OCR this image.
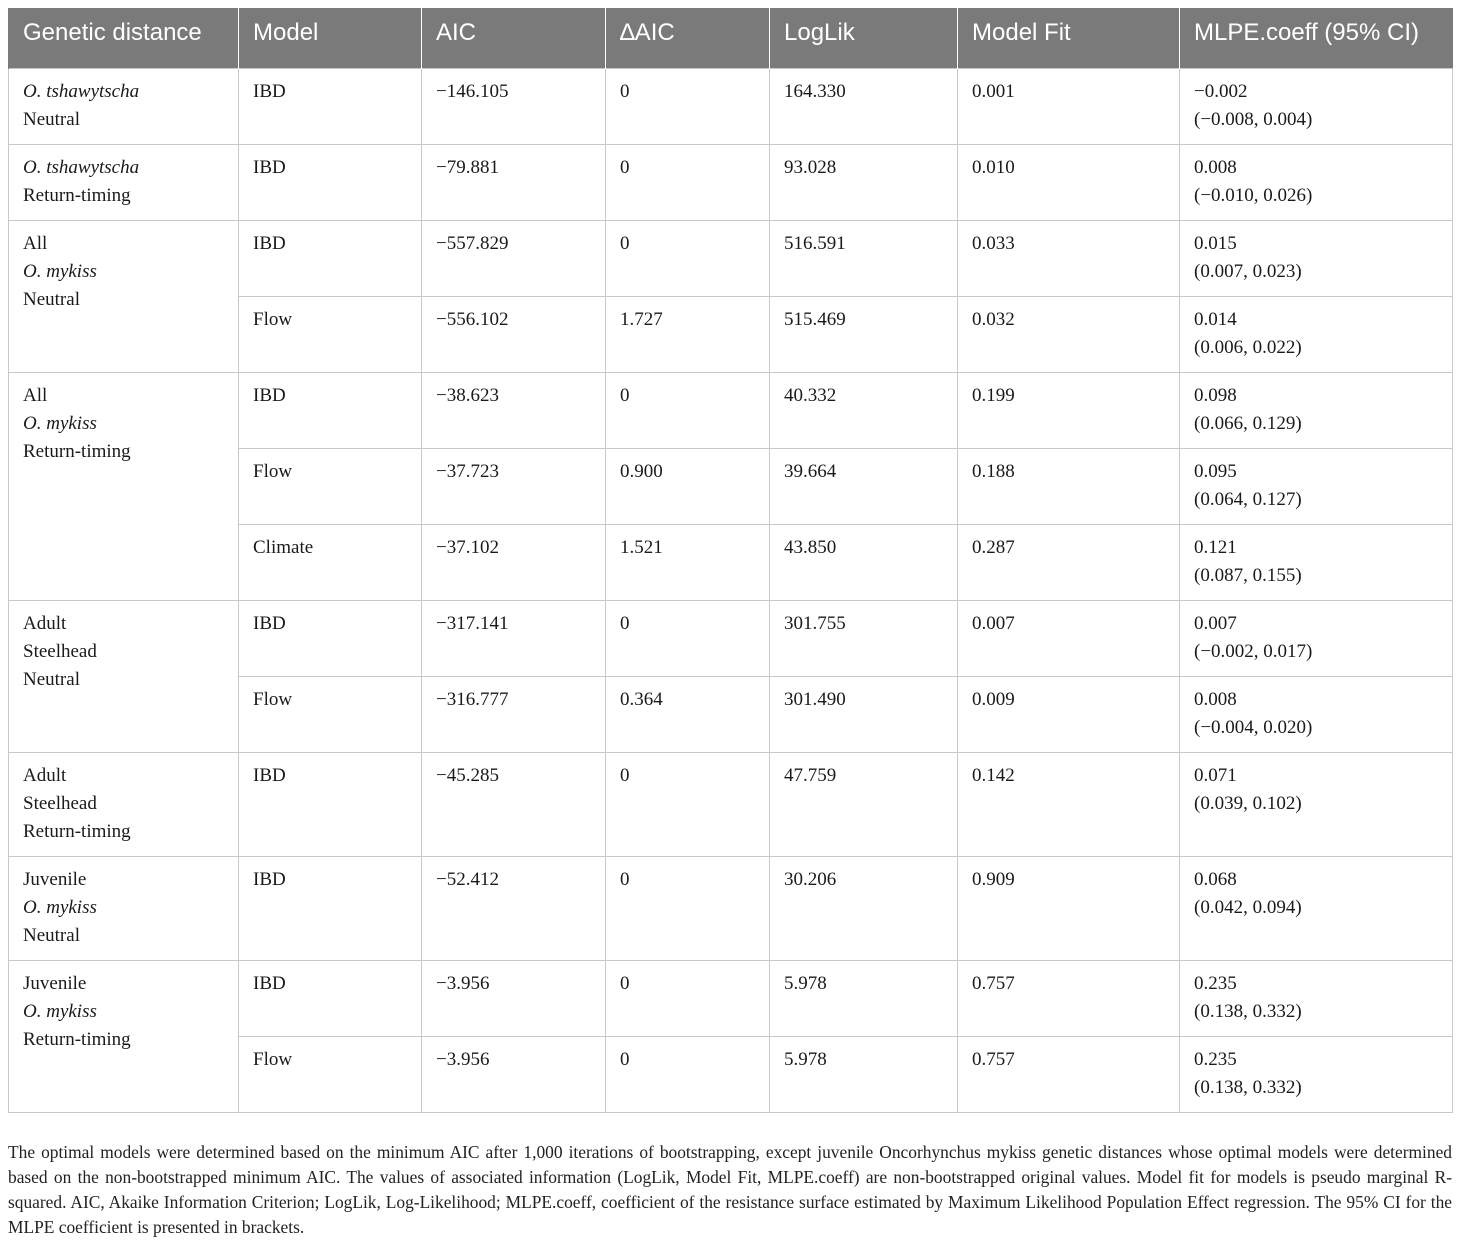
Genetic distance	Model	AIC	∆AIC	LogLik	Model Fit	MLPE.coeff (95% CI)

O. tshawytscha
Neutral	IBD	−146.105	0	164.330	0.001	−0.002
(−0.008, 0.004)

O. tshawytscha
Return-timing	IBD	−79.881	0	93.028	0.010	0.008
(−0.010, 0.026)

All
O. mykiss
Neutral	IBD	−557.829	0	516.591	0.033	0.015
(0.007, 0.023)

	Flow	−556.102	1.727	515.469	0.032	0.014
(0.006, 0.022)

All
O. mykiss
Return-timing	IBD	−38.623	0	40.332	0.199	0.098
(0.066, 0.129)

	Flow	−37.723	0.900	39.664	0.188	0.095
(0.064, 0.127)

	Climate	−37.102	1.521	43.850	0.287	0.121
(0.087, 0.155)

Adult
Steelhead
Neutral	IBD	−317.141	0	301.755	0.007	0.007
(−0.002, 0.017)

	Flow	−316.777	0.364	301.490	0.009	0.008
(−0.004, 0.020)

Adult
Steelhead
Return-timing	IBD	−45.285	0	47.759	0.142	0.071
(0.039, 0.102)

Juvenile
O. mykiss
Neutral	IBD	−52.412	0	30.206	0.909	0.068
(0.042, 0.094)

Juvenile
O. mykiss
Return-timing	IBD	−3.956	0	5.978	0.757	0.235
(0.138, 0.332)

	Flow	−3.956	0	5.978	0.757	0.235
(0.138, 0.332)
The optimal models were determined based on the minimum AIC after 1,000 iterations of bootstrapping, except juvenile Oncorhynchus mykiss genetic distances whose optimal models were determined based on the non-bootstrapped minimum AIC. The values of associated information (LogLik, Model Fit, MLPE.coeff) are non-bootstrapped original values. Model fit for models is pseudo marginal R-squared. AIC, Akaike Information Criterion; LogLik, Log-Likelihood; MLPE.coeff, coefficient of the resistance surface estimated by Maximum Likelihood Population Effect regression. The 95% CI for the MLPE coefficient is presented in brackets.
